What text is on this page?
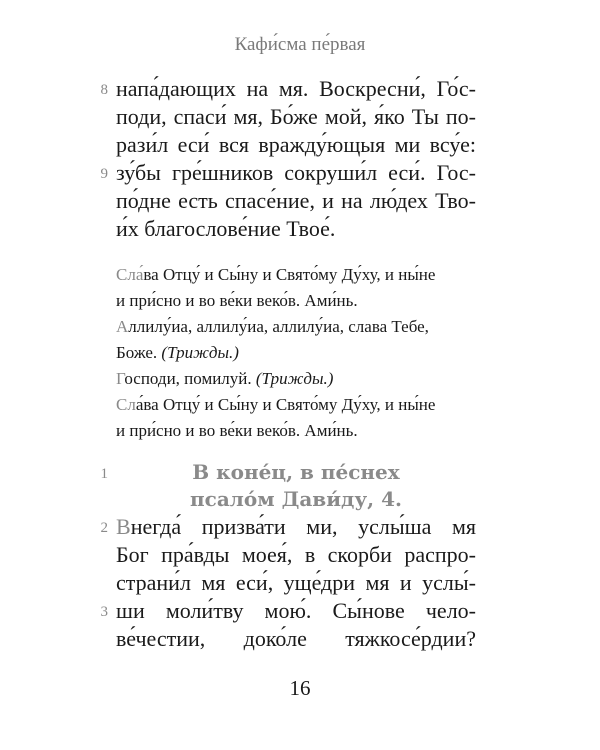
Кафи́сма пе́рвая
8
9
напа́дающих на мя. Воскресни́, Го́с-
поди, спаси́ мя, Бо́же мой, я́ко Ты по-
рази́л еси́ вся вражду́ющыя ми всу́е:
зу́бы гре́шников сокруши́л еси́. Гос-
по́дне есть спасе́ние, и на лю́дех Тво-
и́х благослове́ние Твое́.
Сла́ва Отцу́ и Сы́ну и Свято́му Ду́ху, и ны́не
и при́сно и во ве́ки веко́в. Ами́нь.
Аллилу́иа, аллилу́иа, аллилу́иа, слава Тебе,
Боже. (Трижды.)
Господи, помилуй. (Трижды.)
Сла́ва Отцу́ и Сы́ну и Свято́му Ду́ху, и ны́не
и при́сно и во ве́ки веко́в. Ами́нь.
1	В коне́ц, в пе́снех
псало́м Дави́ду, 4.
2
3
Внегда́ призва́ти ми, услы́ша мя
Бог пра́вды моея́, в скорби распро-
страни́л мя еси́, уще́дри мя и услы́-
ши моли́тву мою́. Сы́нове чело-
ве́честии, доко́ле тяжкосе́рдии?
16
